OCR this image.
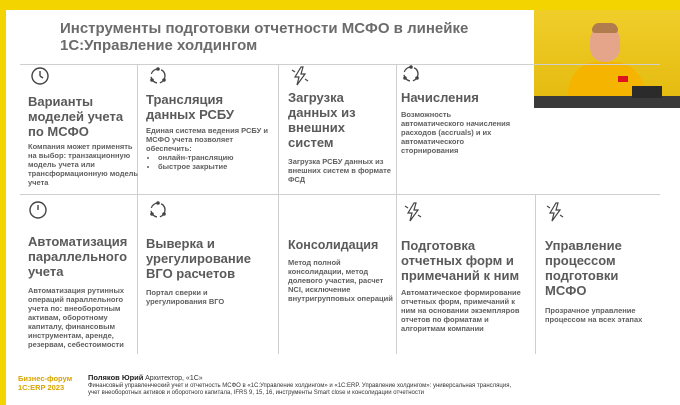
Инструменты подготовки отчетности МСФО в линейке
1С:Управление холдингом
Варианты моделей учета по МСФО
Компания может применять на выбор: транзакционную модель учета или трансформационную модель учета
Трансляция данных РСБУ
Единая система ведения РСБУ и МСФО учета позволяет обеспечить:
• онлайн-трансляцию
• быстрое закрытие
Загрузка данных из внешних систем
Загрузка РСБУ данных из внешних систем в формате ФСД
Начисления
Возможность автоматического начисления расходов (accruals) и их автоматического сторнирования
Автоматизация параллельного учета
Автоматизация рутинных операций параллельного учета по: внеоборотным активам, оборотному капиталу, финансовым инструментам, аренде, резервам, себестоимости
Выверка и урегулирование ВГО расчетов
Портал сверки и урегулирования ВГО
Консолидация
Метод полной консолидации, метод долевого участия, расчет NCI, исключение внутригрупповых операций
Подготовка отчетных форм и примечаний к ним
Автоматическое формирование отчетных форм, примечаний к ним на основании экземпляров отчетов по форматам и алгоритмам компании
Управление процессом подготовки МСФО
Прозрачное управление процессом на всех этапах
Бизнес-форум
1С:ERP 2023
Поляков Юрий Архитектор, «1С»
Финансовый управленческий учет и отчетность МСФО в «1С:Управление холдингом» и «1С:ERP. Управление холдингом»: универсальная трансляция,
учет внеоборотных активов и оборотного капитала, IFRS 9, 15, 16, инструменты Smart close и консолидации отчетности
